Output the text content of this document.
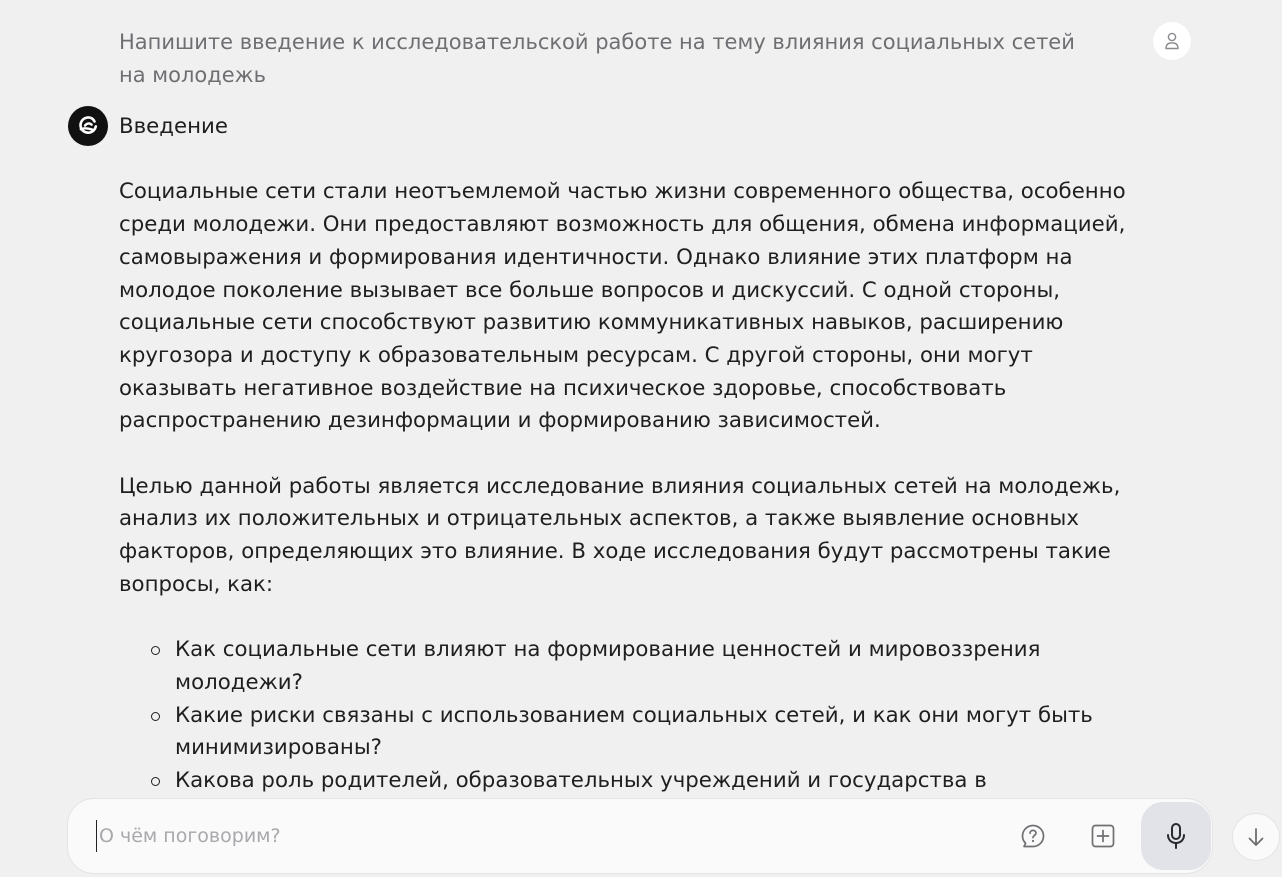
Напишите введение к исследовательской работе на тему влияния социальных сетей на молодежь

Введение

Социальные сети стали неотъемлемой частью жизни современного общества, особенно среди молодежи. Они предоставляют возможность для общения, обмена информацией, самовыражения и формирования идентичности. Однако влияние этих платформ на молодое поколение вызывает все больше вопросов и дискуссий. С одной стороны, социальные сети способствуют развитию коммуникативных навыков, расширению кругозора и доступу к образовательным ресурсам. С другой стороны, они могут оказывать негативное воздействие на психическое здоровье, способствовать распространению дезинформации и формированию зависимостей.

Целью данной работы является исследование влияния социальных сетей на молодежь, анализ их положительных и отрицательных аспектов, а также выявление основных факторов, определяющих это влияние. В ходе исследования будут рассмотрены такие вопросы, как:

Как социальные сети влияют на формирование ценностей и мировоззрения молодежи?
Какие риски связаны с использованием социальных сетей, и как они могут быть минимизированы?
Какова роль родителей, образовательных учреждений и государства в
О чём поговорим?
